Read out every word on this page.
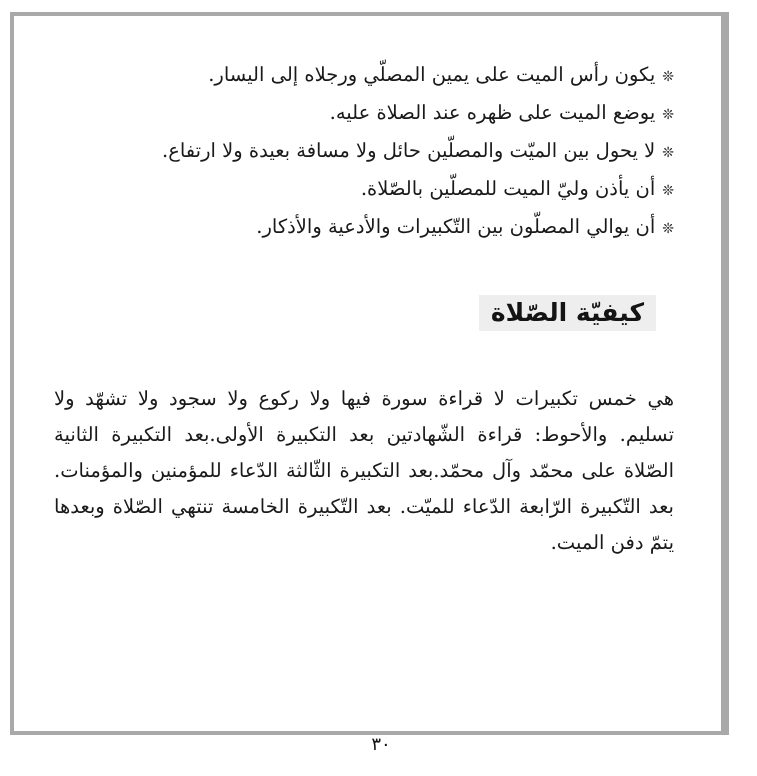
❊يكون رأس الميت على يمين المصلّي ورجلاه إلى اليسار.
❊يوضع الميت على ظهره عند الصلاة عليه.
❊لا يحول بين الميّت والمصلّين حائل ولا مسافة بعيدة ولا ارتفاع.
❊أن يأذن وليّ الميت للمصلّين بالصّلاة.
❊أن يوالي المصلّون بين التّكبيرات والأدعية والأذكار.
كيفيّة الصّلاة

هي خمس تكبيرات لا قراءة سورة فيها ولا ركوع ولا سجود ولا تشهّد ولا تسليم. والأحوط: قراءة الشّهادتين بعد التكبيرة الأولى.بعد التكبيرة الثانية الصّلاة على محمّد وآل محمّد.بعد التكبيرة الثّالثة الدّعاء للمؤمنين والمؤمنات. بعد التّكبيرة الرّابعة الدّعاء للميّت. بعد التّكبيرة الخامسة تنتهي الصّلاة وبعدها يتمّ دفن الميت.

٣٠
